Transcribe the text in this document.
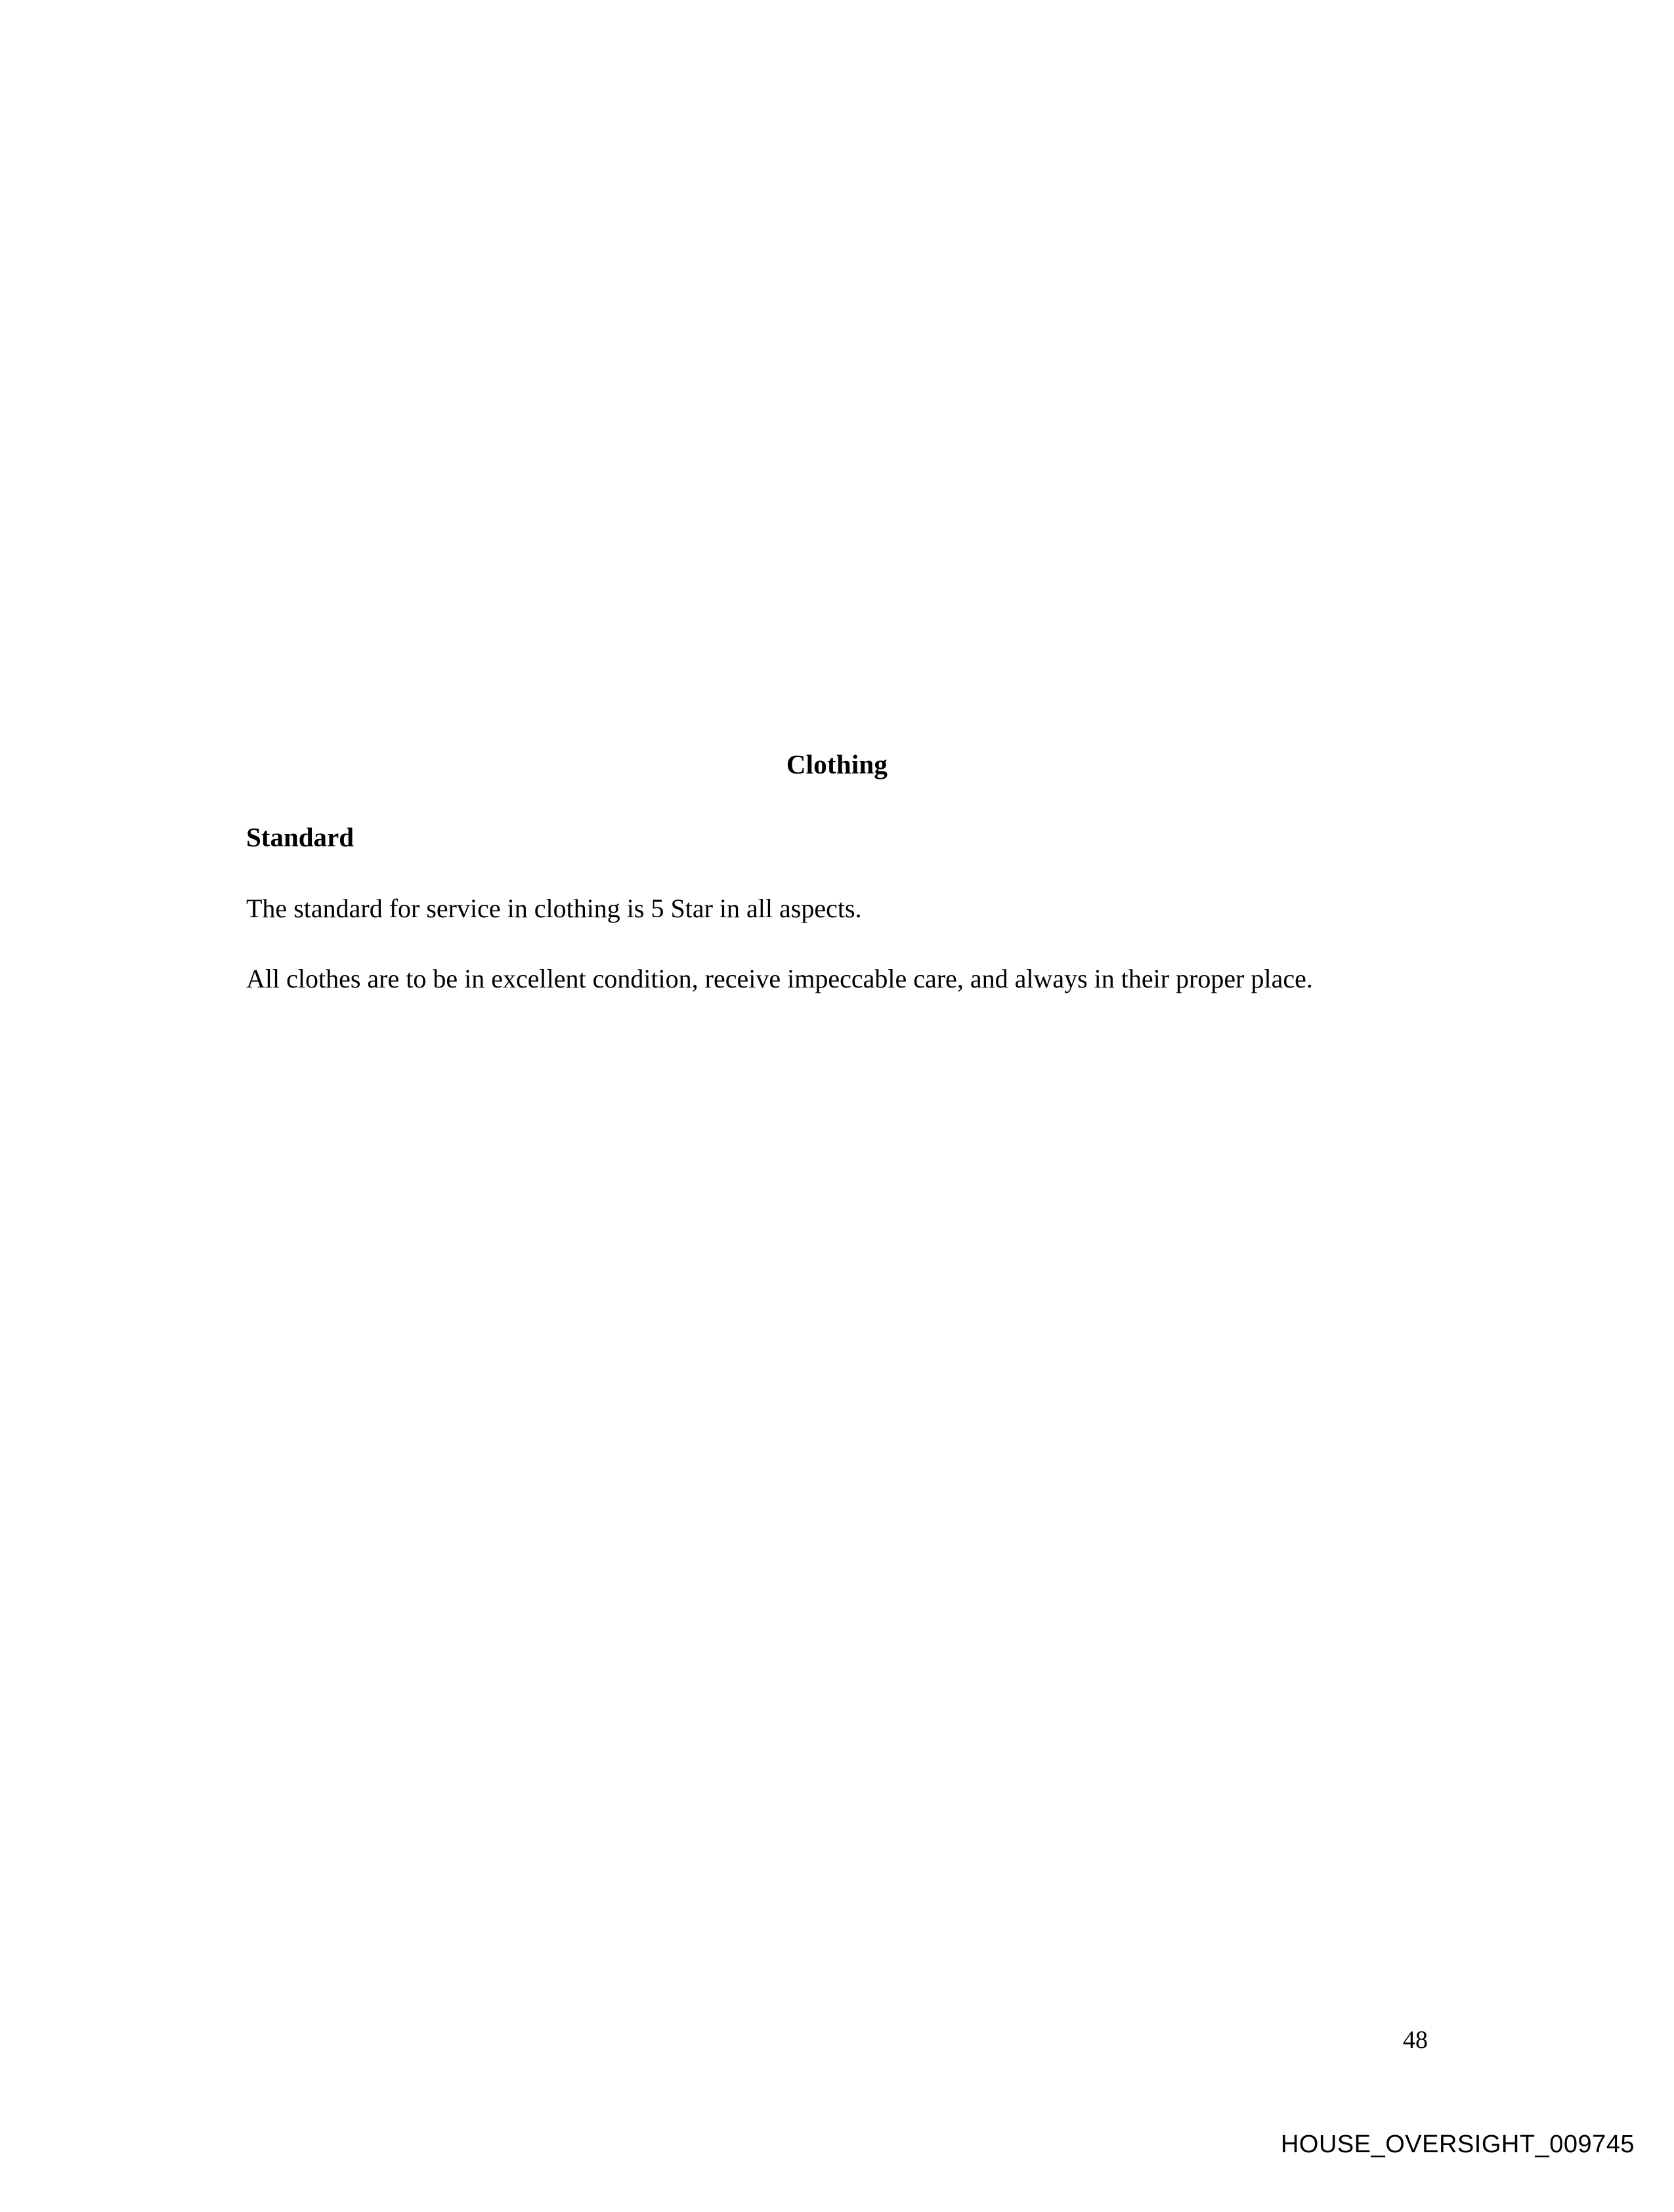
Clothing
Standard

The standard for service in clothing is 5 Star in all aspects.

All clothes are to be in excellent condition, receive impeccable care, and always in their proper place.

48
HOUSE_OVERSIGHT_009745
